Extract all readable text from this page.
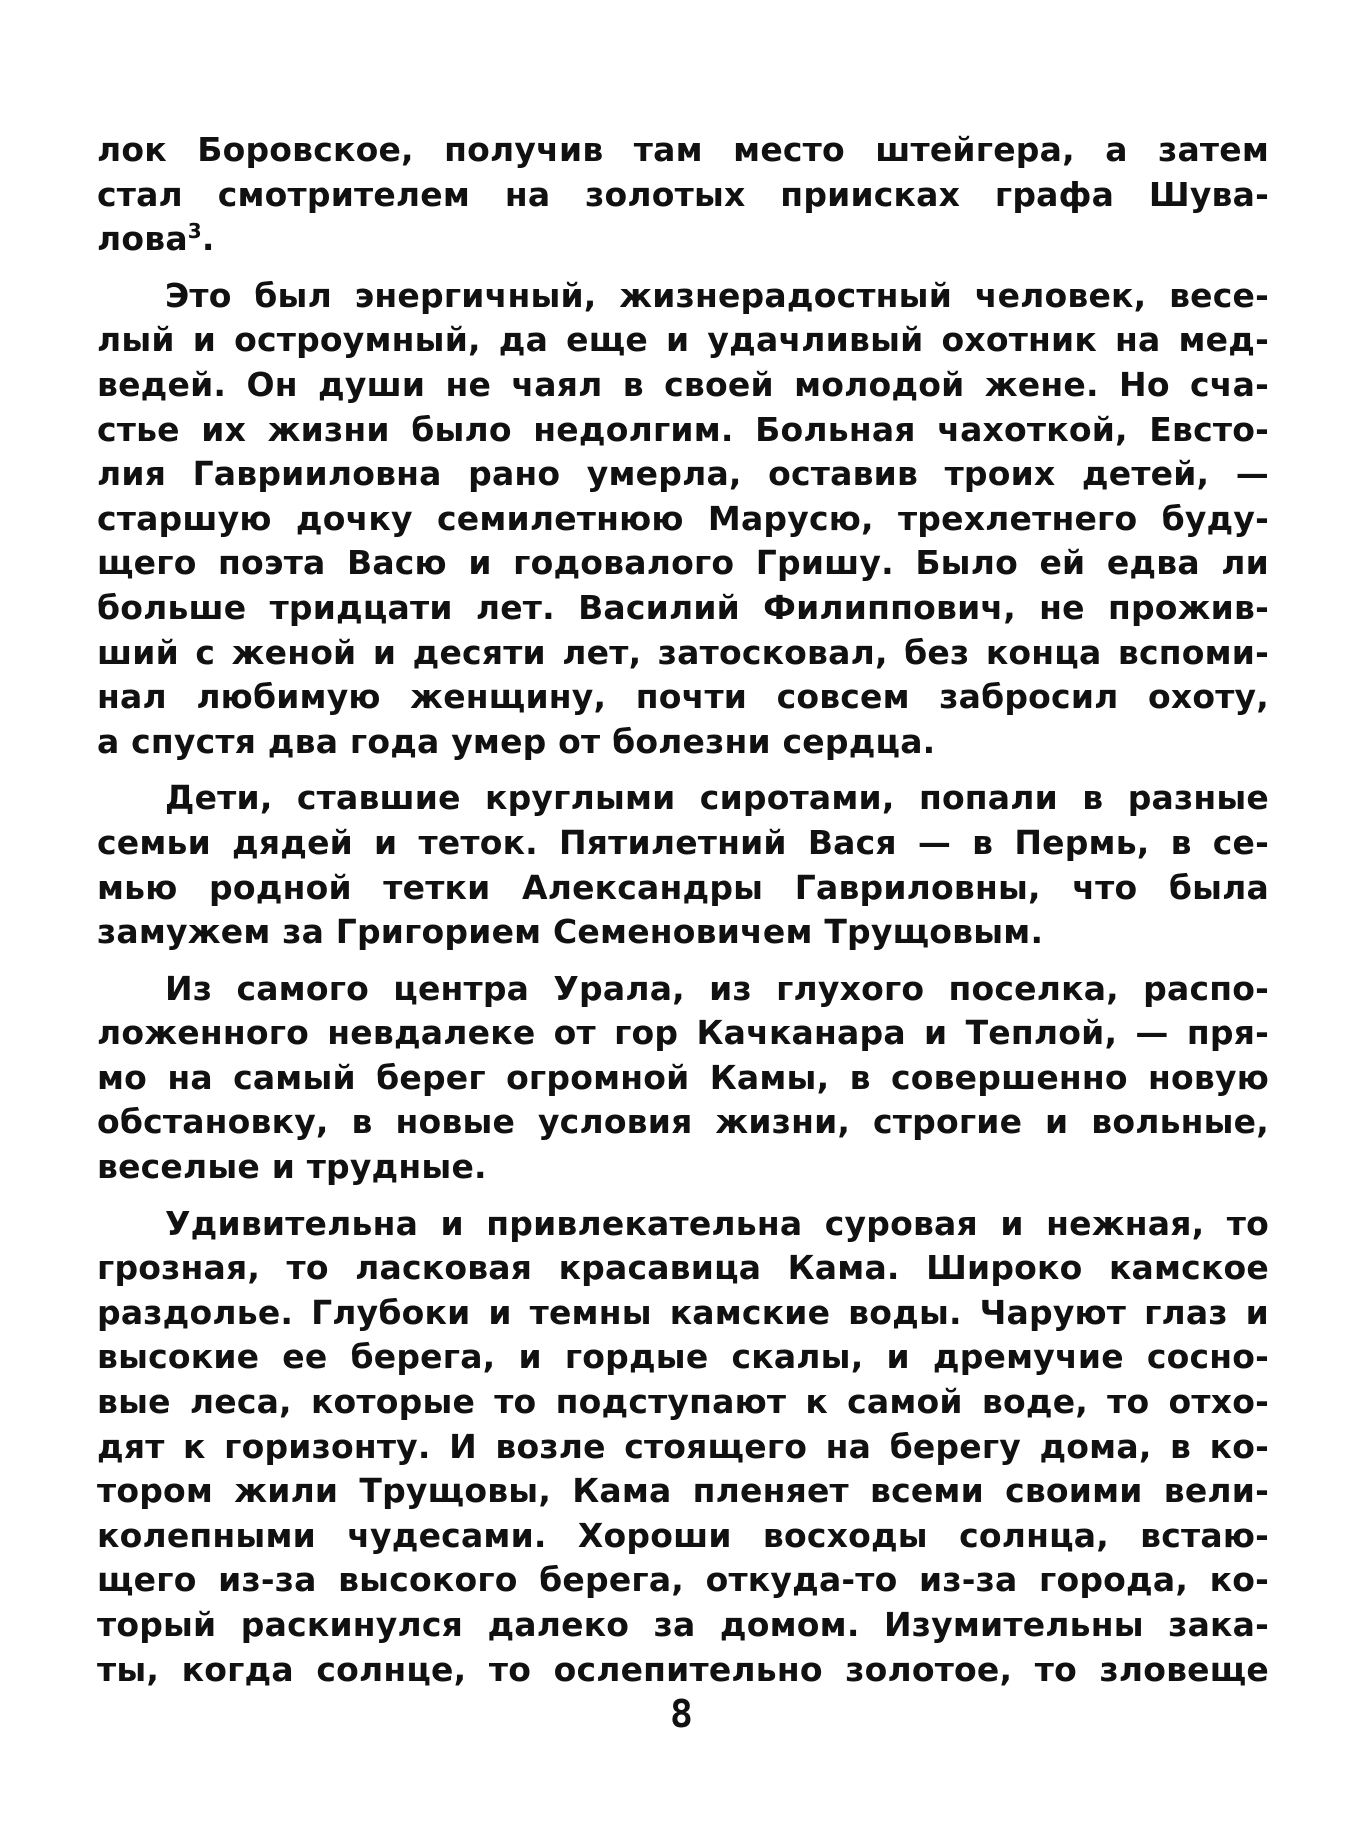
лок Боровское, получив там место штейгера, а затем
стал смотрителем на золотых приисках графа Шува-
лова$^3$.
Это был энергичный, жизнерадостный человек, весе-
лый и остроумный, да еще и удачливый охотник на мед-
ведей. Он души не чаял в своей молодой жене. Но сча-
стье их жизни было недолгим. Больная чахоткой, Евсто-
лия Гаврииловна рано умерла, оставив троих детей, —
старшую дочку семилетнюю Марусю, трехлетнего буду-
щего поэта Васю и годовалого Гришу. Было ей едва ли
больше тридцати лет. Василий Филиппович, не прожив-
ший с женой и десяти лет, затосковал, без конца вспоми-
нал любимую женщину, почти совсем забросил охоту,
а спустя два года умер от болезни сердца.
Дети, ставшие круглыми сиротами, попали в разные
семьи дядей и теток. Пятилетний Вася — в Пермь, в се-
мью родной тетки Александры Гавриловны, что была
замужем за Григорием Семеновичем Трущовым.
Из самого центра Урала, из глухого поселка, распо-
ложенного невдалеке от гор Качканара и Теплой, — пря-
мо на самый берег огромной Камы, в совершенно новую
обстановку, в новые условия жизни, строгие и вольные,
веселые и трудные.
Удивительна и привлекательна суровая и нежная, то
грозная, то ласковая красавица Кама. Широко камское
раздолье. Глубоки и темны камские воды. Чаруют глаз и
высокие ее берега, и гордые скалы, и дремучие сосно-
вые леса, которые то подступают к самой воде, то отхо-
дят к горизонту. И возле стоящего на берегу дома, в ко-
тором жили Трущовы, Кама пленяет всеми своими вели-
колепными чудесами. Хороши восходы солнца, встаю-
щего из-за высокого берега, откуда-то из-за города, ко-
торый раскинулся далеко за домом. Изумительны зака-
ты, когда солнце, то ослепительно золотое, то зловеще
8
